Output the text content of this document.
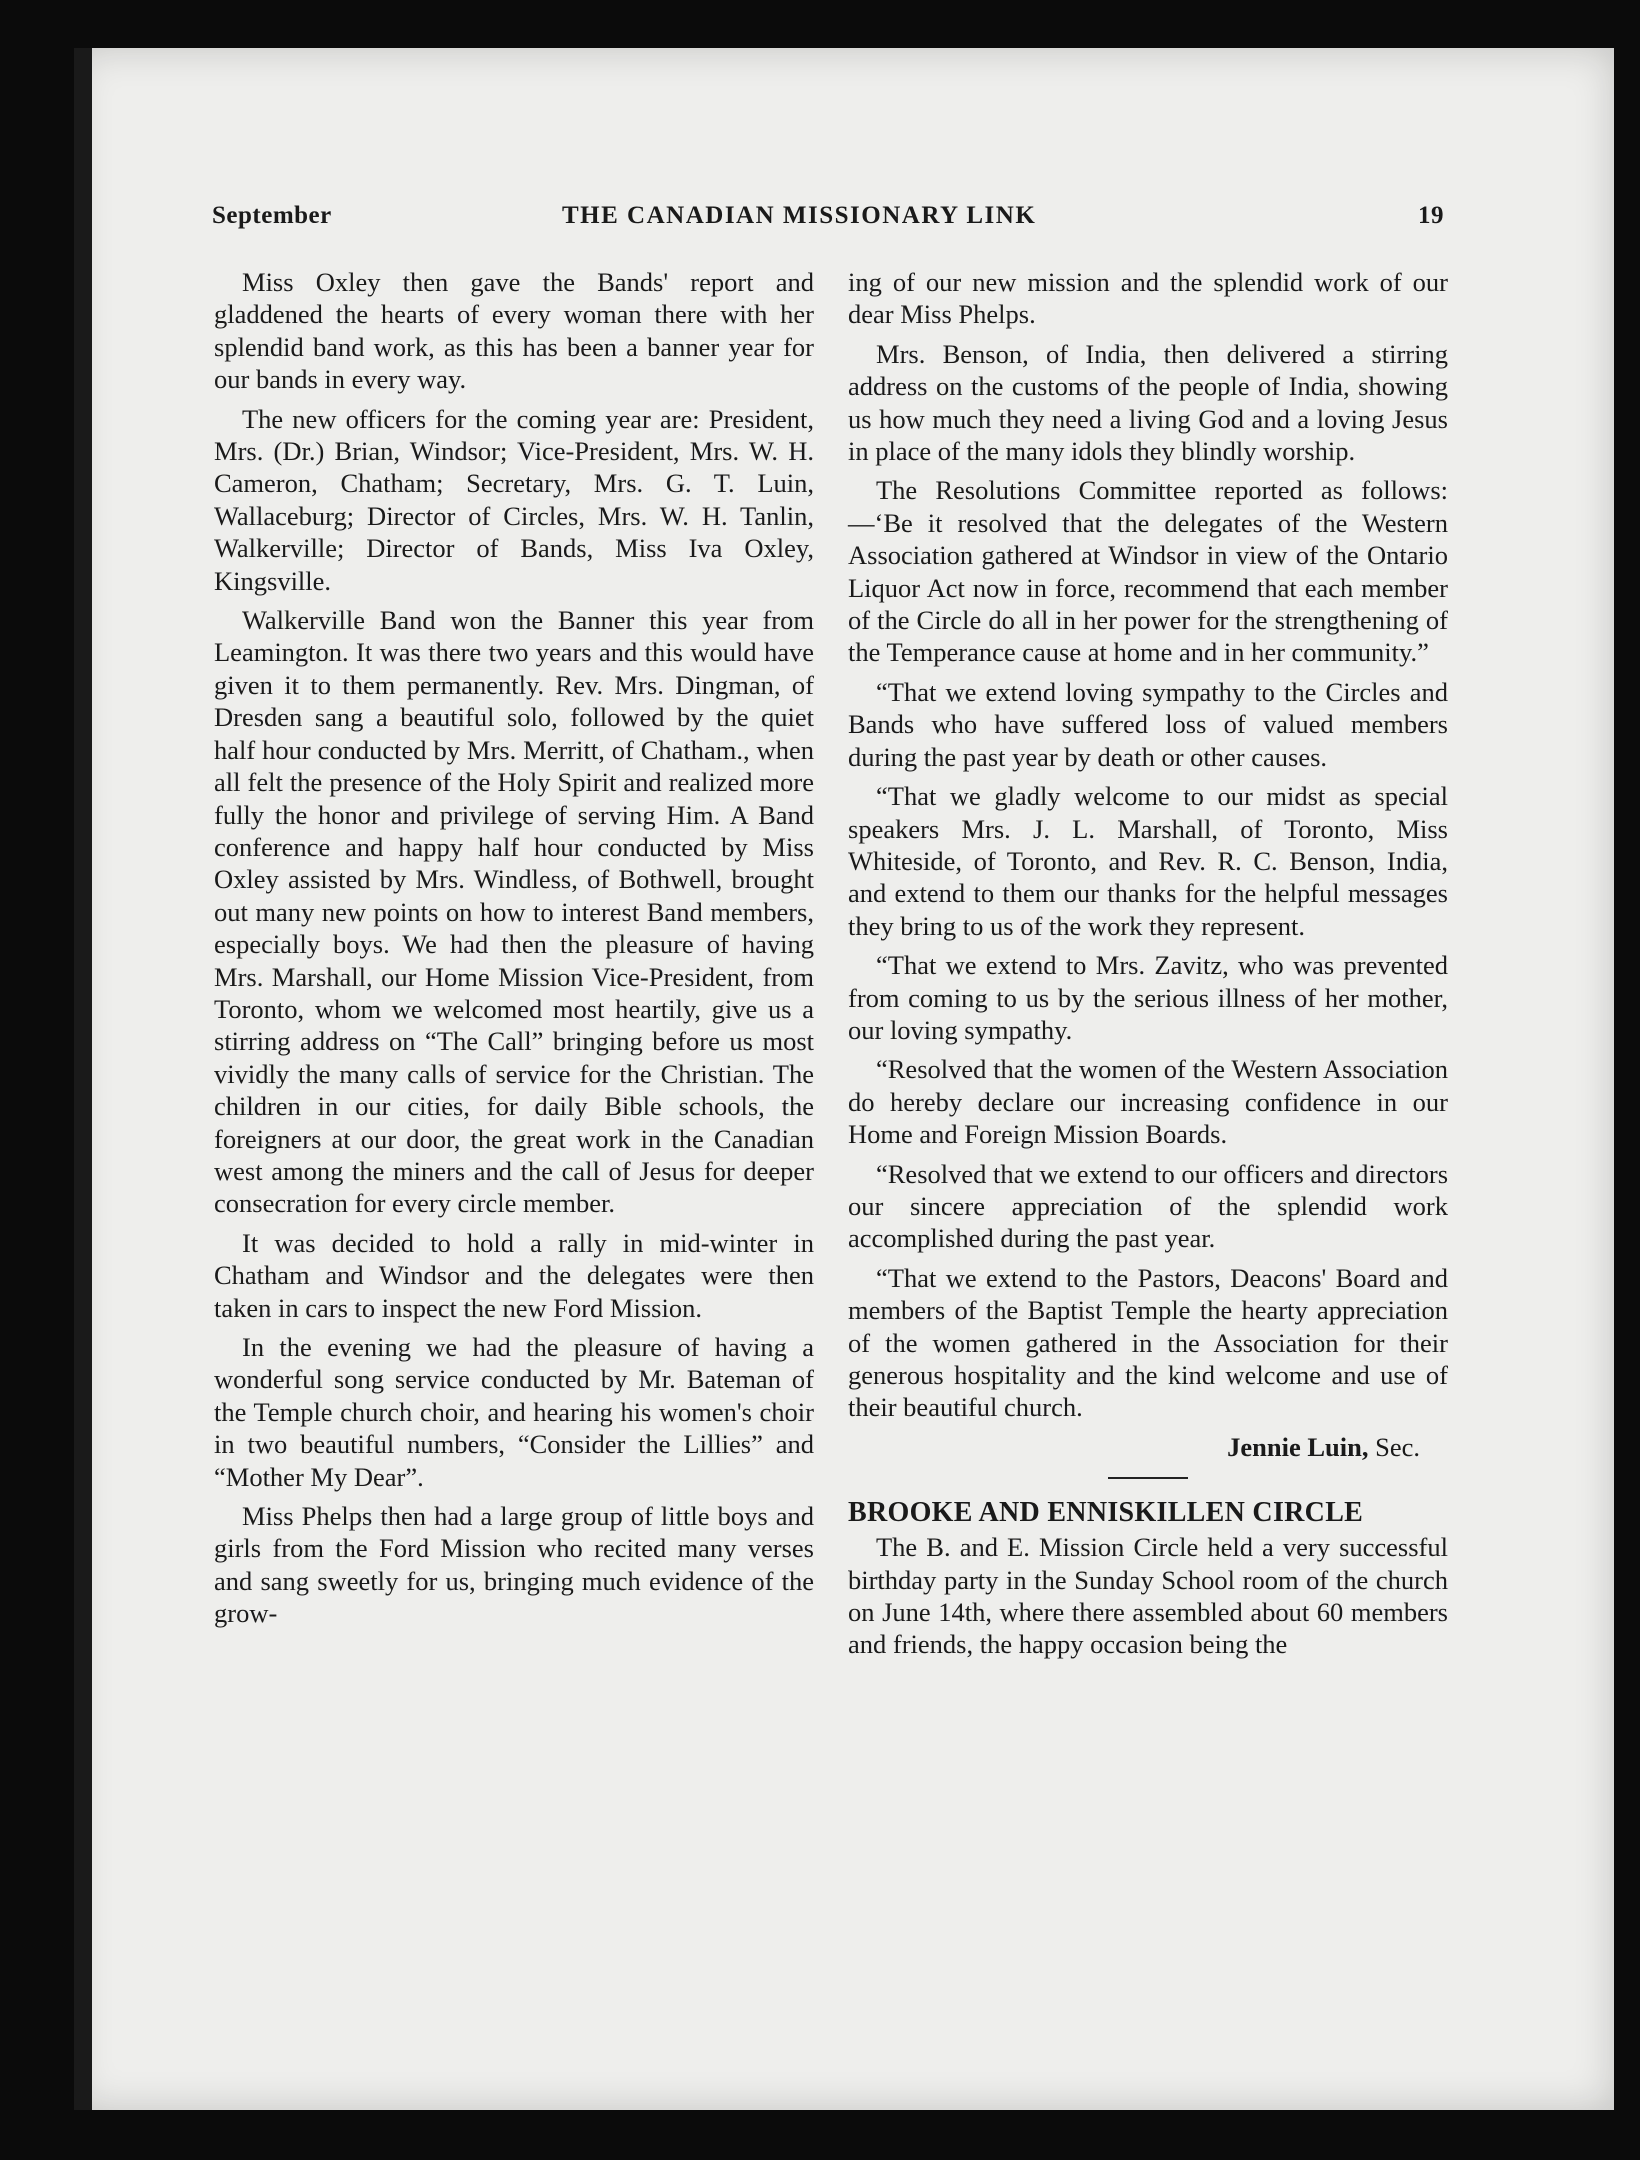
September	THE CANADIAN MISSIONARY LINK	19

Miss Oxley then gave the Bands' report and gladdened the hearts of every woman there with her splendid band work, as this has been a banner year for our bands in every way.

The new officers for the coming year are: President, Mrs. (Dr.) Brian, Windsor; Vice-President, Mrs. W. H. Cameron, Chatham; Secretary, Mrs. G. T. Luin, Wallaceburg; Director of Circles, Mrs. W. H. Tanlin, Walkerville; Director of Bands, Miss Iva Oxley, Kingsville.

Walkerville Band won the Banner this year from Leamington. It was there two years and this would have given it to them permanently. Rev. Mrs. Dingman, of Dresden sang a beautiful solo, followed by the quiet half hour conducted by Mrs. Merritt, of Chatham., when all felt the presence of the Holy Spirit and realized more fully the honor and privilege of serving Him. A Band conference and happy half hour conducted by Miss Oxley assisted by Mrs. Windless, of Bothwell, brought out many new points on how to interest Band members, especially boys. We had then the pleasure of having Mrs. Marshall, our Home Mission Vice-President, from Toronto, whom we welcomed most heartily, give us a stirring address on “The Call” bringing before us most vividly the many calls of service for the Christian. The children in our cities, for daily Bible schools, the foreigners at our door, the great work in the Canadian west among the miners and the call of Jesus for deeper consecration for every circle member.

It was decided to hold a rally in mid-winter in Chatham and Windsor and the delegates were then taken in cars to inspect the new Ford Mission.

In the evening we had the pleasure of having a wonderful song service conducted by Mr. Bateman of the Temple church choir, and hearing his women's choir in two beautiful numbers, “Consider the Lillies” and “Mother My Dear”.

Miss Phelps then had a large group of little boys and girls from the Ford Mission who recited many verses and sang sweetly for us, bringing much evidence of the grow-

ing of our new mission and the splendid work of our dear Miss Phelps.

Mrs. Benson, of India, then delivered a stirring address on the customs of the people of India, showing us how much they need a living God and a loving Jesus in place of the many idols they blindly worship.

The Resolutions Committee reported as follows:—‘Be it resolved that the delegates of the Western Association gathered at Windsor in view of the Ontario Liquor Act now in force, recommend that each member of the Circle do all in her power for the strengthening of the Temperance cause at home and in her community.”

“That we extend loving sympathy to the Circles and Bands who have suffered loss of valued members during the past year by death or other causes.

“That we gladly welcome to our midst as special speakers Mrs. J. L. Marshall, of Toronto, Miss Whiteside, of Toronto, and Rev. R. C. Benson, India, and extend to them our thanks for the helpful messages they bring to us of the work they represent.

“That we extend to Mrs. Zavitz, who was prevented from coming to us by the serious illness of her mother, our loving sympathy.

“Resolved that the women of the Western Association do hereby declare our increasing confidence in our Home and Foreign Mission Boards.

“Resolved that we extend to our officers and directors our sincere appreciation of the splendid work accomplished during the past year.

“That we extend to the Pastors, Deacons' Board and members of the Baptist Temple the hearty appreciation of the women gathered in the Association for their generous hospitality and the kind welcome and use of their beautiful church.

Jennie Luin, Sec.

BROOKE AND ENNISKILLEN CIRCLE

The B. and E. Mission Circle held a very successful birthday party in the Sunday School room of the church on June 14th, where there assembled about 60 members and friends, the happy occasion being the
